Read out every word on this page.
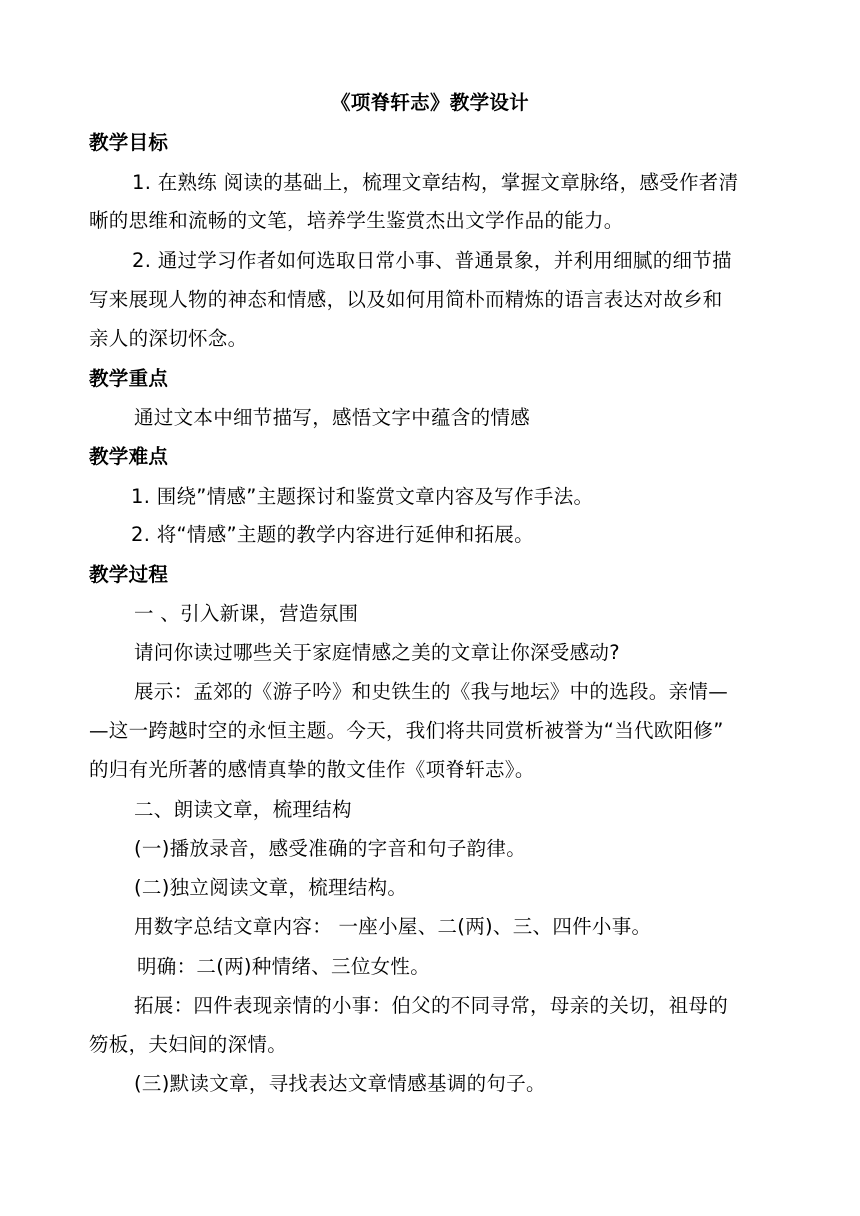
《项脊轩志》教学设计
教学目标
1. 在熟练 阅读的基础上，梳理文章结构，掌握文章脉络，感受作者清
晰的思维和流畅的文笔，培养学生鉴赏杰出文学作品的能力。
2. 通过学习作者如何选取日常小事、普通景象，并利用细腻的细节描
写来展现人物的神态和情感，以及如何用简朴而精炼的语言表达对故乡和
亲人的深切怀念。
教学重点
通过文本中细节描写，感悟文字中蕴含的情感
教学难点
1. 围绕”情感”主题探讨和鉴赏文章内容及写作手法。
2. 将“情感”主题的教学内容进行延伸和拓展。
教学过程
一 、引入新课，营造氛围
请问你读过哪些关于家庭情感之美的文章让你深受感动?
展示：孟郊的《游子吟》和史铁生的《我与地坛》中的选段。亲情—
—这一跨越时空的永恒主题。今天，我们将共同赏析被誉为“当代欧阳修”
的归有光所著的感情真挚的散文佳作《项脊轩志》。
二、朗读文章，梳理结构
(一)播放录音，感受准确的字音和句子韵律。
(二)独立阅读文章，梳理结构。
用数字总结文章内容： 一座小屋、二(两)、三、四件小事。
明确：二(两)种情绪、三位女性。
拓展：四件表现亲情的小事：伯父的不同寻常，母亲的关切，祖母的
笏板，夫妇间的深情。
(三)默读文章，寻找表达文章情感基调的句子。
